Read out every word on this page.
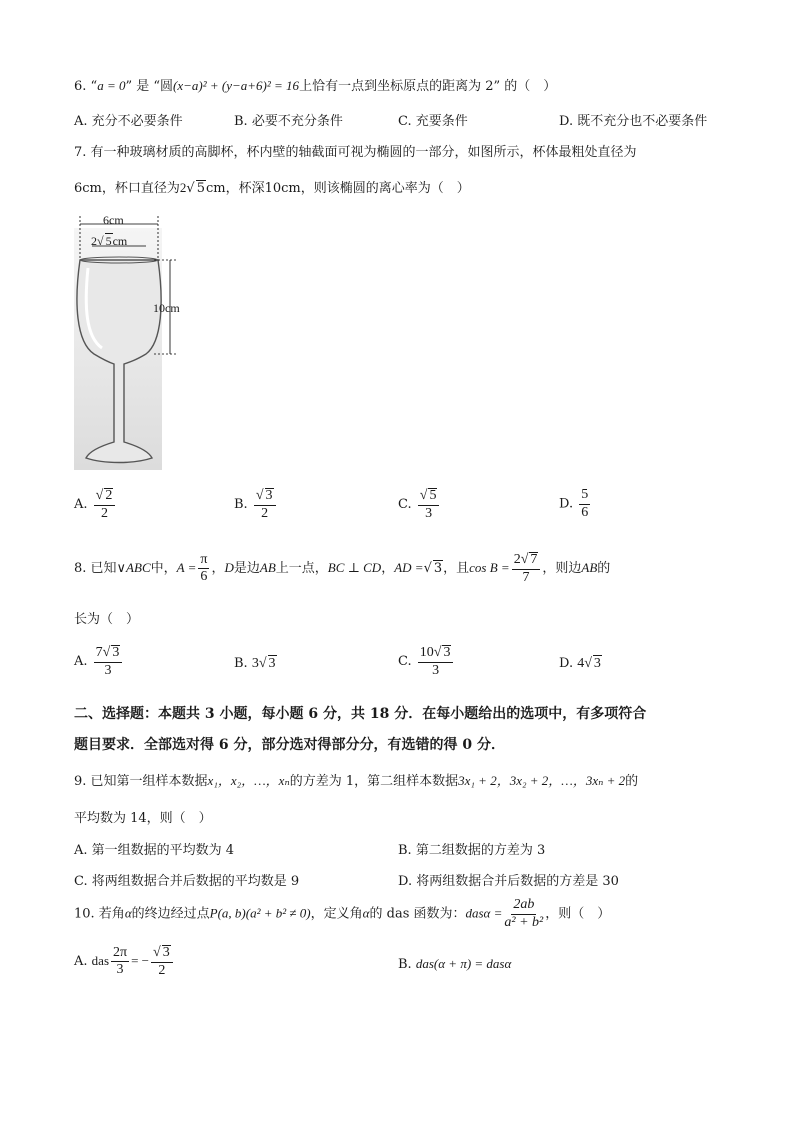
6. “a = 0” 是 “圆(x−a)² + (y−a+6)² = 16上恰有一点到坐标原点的距离为 2” 的（　）
A. 充分不必要条件	B. 必要不充分条件	C. 充要条件	D. 既不充分也不必要条件
7. 有一种玻璃材质的高脚杯，杯内壁的轴截面可视为椭圆的一部分，如图所示，杯体最粗处直径为
6cm，杯口直径为2√ 5cm，杯深10cm，则该椭圆的离心率为（　）
6cm
2√ 5cm
10cm
A. $\frac{√ 2}{2}$	B. $\frac{√ 3}{2}$	C. $\frac{√ 5}{3}$	D. $\frac{5}{6}$
8. 已知∨ABC中，$A = \frac{\pi}{6}$ ，D是边AB上一点，BC ⊥ CD，AD =√ 3，且$\cos B = \frac{2√ 7}{7}$ ，则边AB的
长为（　）
A. $\frac{7√ 3}{3}$	B. 3√ 3	C. $\frac{10√ 3}{3}$	D. 4√ 3
二、选择题：本题共 3 小题，每小题 6 分，共 18 分．在每小题给出的选项中，有多项符合
题目要求．全部选对得 6 分，部分选对得部分分，有选错的得 0 分．
9. 已知第一组样本数据x₁，x₂，…，xₙ的方差为 1，第二组样本数据3x₁ + 2，3x₂ + 2，…，3xₙ + 2的
平均数为 14，则（　）
A. 第一组数据的平均数为 4	B. 第二组数据的方差为 3
C. 将两组数据合并后数据的平均数是 9	D. 将两组数据合并后数据的方差是 30
10. 若角α的终边经过点P(a, b)(a² + b² ≠ 0)，定义角α的 das 函数为：$das\alpha = \frac{2ab}{\text{a² + b²}}$ ，则（　）
A. das $\frac{2\pi}{3}$ = − $\frac{√ 3}{2}$	B. das(α + π) = dasα
